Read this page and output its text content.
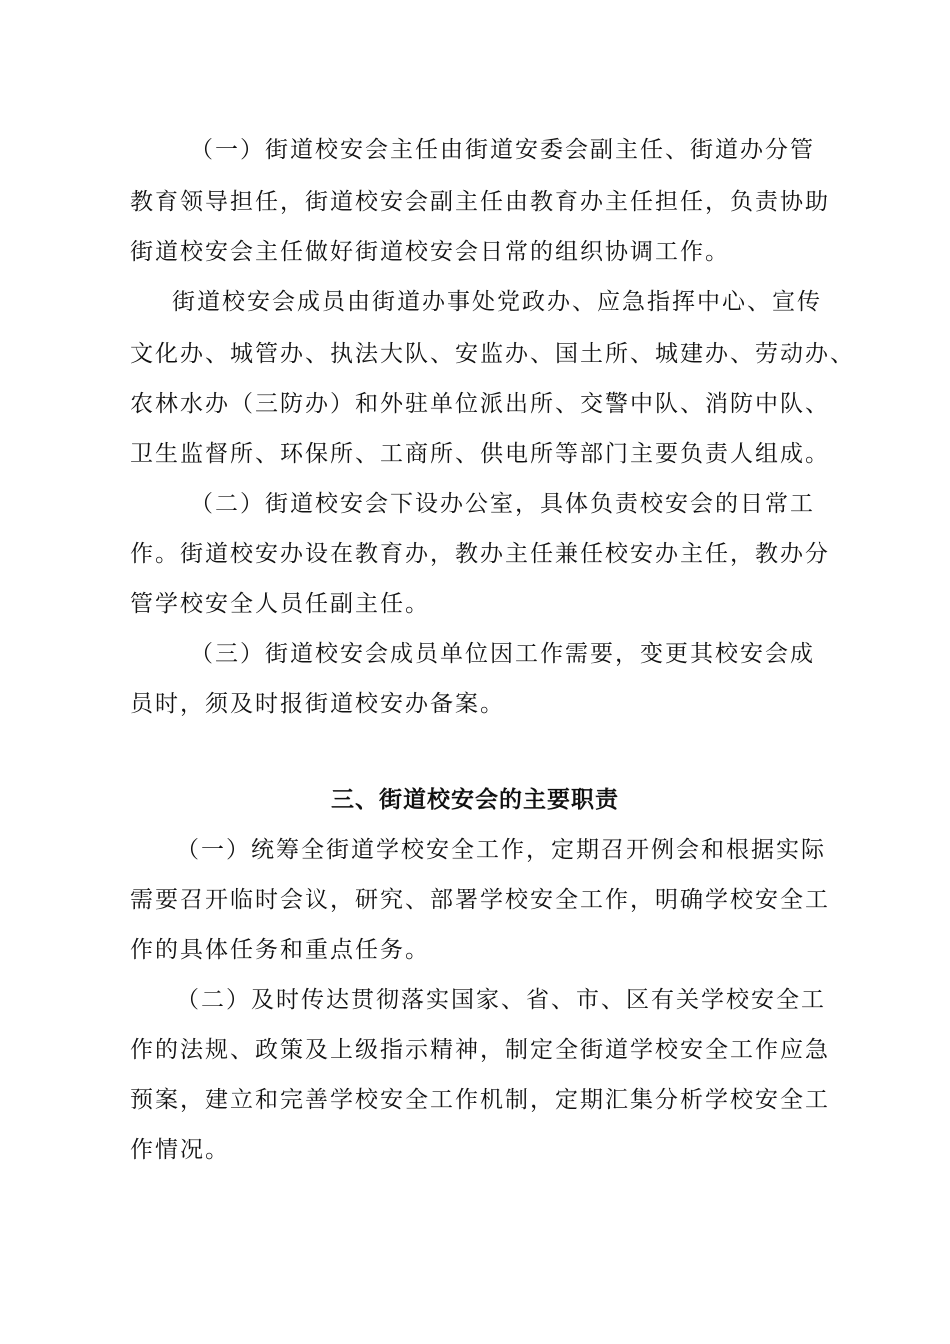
（一）街道校安会主任由街道安委会副主任、街道办分管
教育领导担任，街道校安会副主任由教育办主任担任，负责协助
街道校安会主任做好街道校安会日常的组织协调工作。
街道校安会成员由街道办事处党政办、应急指挥中心、宣传
文化办、城管办、执法大队、安监办、国土所、城建办、劳动办、
农林水办（三防办）和外驻单位派出所、交警中队、消防中队、
卫生监督所、环保所、工商所、供电所等部门主要负责人组成。
（二）街道校安会下设办公室，具体负责校安会的日常工
作。街道校安办设在教育办，教办主任兼任校安办主任，教办分
管学校安全人员任副主任。
（三）街道校安会成员单位因工作需要，变更其校安会成
员时，须及时报街道校安办备案。
三、街道校安会的主要职责
（一）统筹全街道学校安全工作，定期召开例会和根据实际
需要召开临时会议，研究、部署学校安全工作，明确学校安全工
作的具体任务和重点任务。
（二）及时传达贯彻落实国家、省、市、区有关学校安全工
作的法规、政策及上级指示精神，制定全街道学校安全工作应急
预案，建立和完善学校安全工作机制，定期汇集分析学校安全工
作情况。
